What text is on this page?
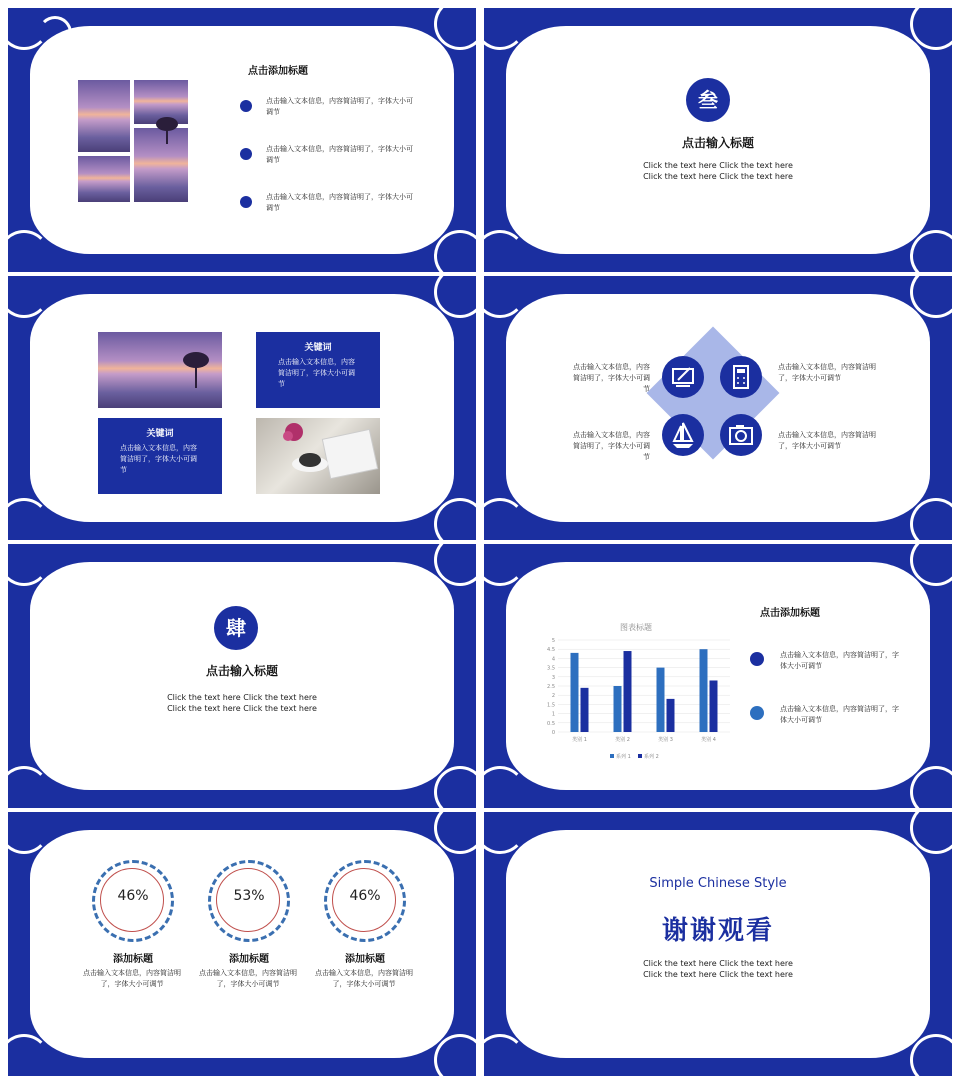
点击添加标题
点击输入文本信息，内容简洁明了，字体大小可调节
点击输入文本信息，内容简洁明了，字体大小可调节
点击输入文本信息，内容简洁明了，字体大小可调节
叁
点击输入标题
Click the text here Click the text here Click the text here Click the text here
关键词
点击输入文本信息，内容简洁明了，字体大小可调节
关键词
点击输入文本信息，内容简洁明了，字体大小可调节
点击输入文本信息，内容简洁明了，字体大小可调节
点击输入文本信息，内容简洁明了，字体大小可调节
点击输入文本信息，内容简洁明了，字体大小可调节
点击输入文本信息，内容简洁明了，字体大小可调节
肆
点击输入标题
Click the text here Click the text here Click the text here Click the text here
图表标题
0
0.5
1
1.5
2
2.5
3
3.5
4
4.5
5
类别 1	类别 2	类别 3	类别 4
系列 1	系列 2
点击添加标题
点击输入文本信息，内容简洁明了，字体大小可调节
点击输入文本信息，内容简洁明了，字体大小可调节
46%
添加标题
点击输入文本信息，内容简洁明了，字体大小可调节
53%
添加标题
点击输入文本信息，内容简洁明了，字体大小可调节
46%
添加标题
点击输入文本信息，内容简洁明了，字体大小可调节
Simple Chinese Style
谢谢观看
Click the text here Click the text here Click the text here Click the text here
